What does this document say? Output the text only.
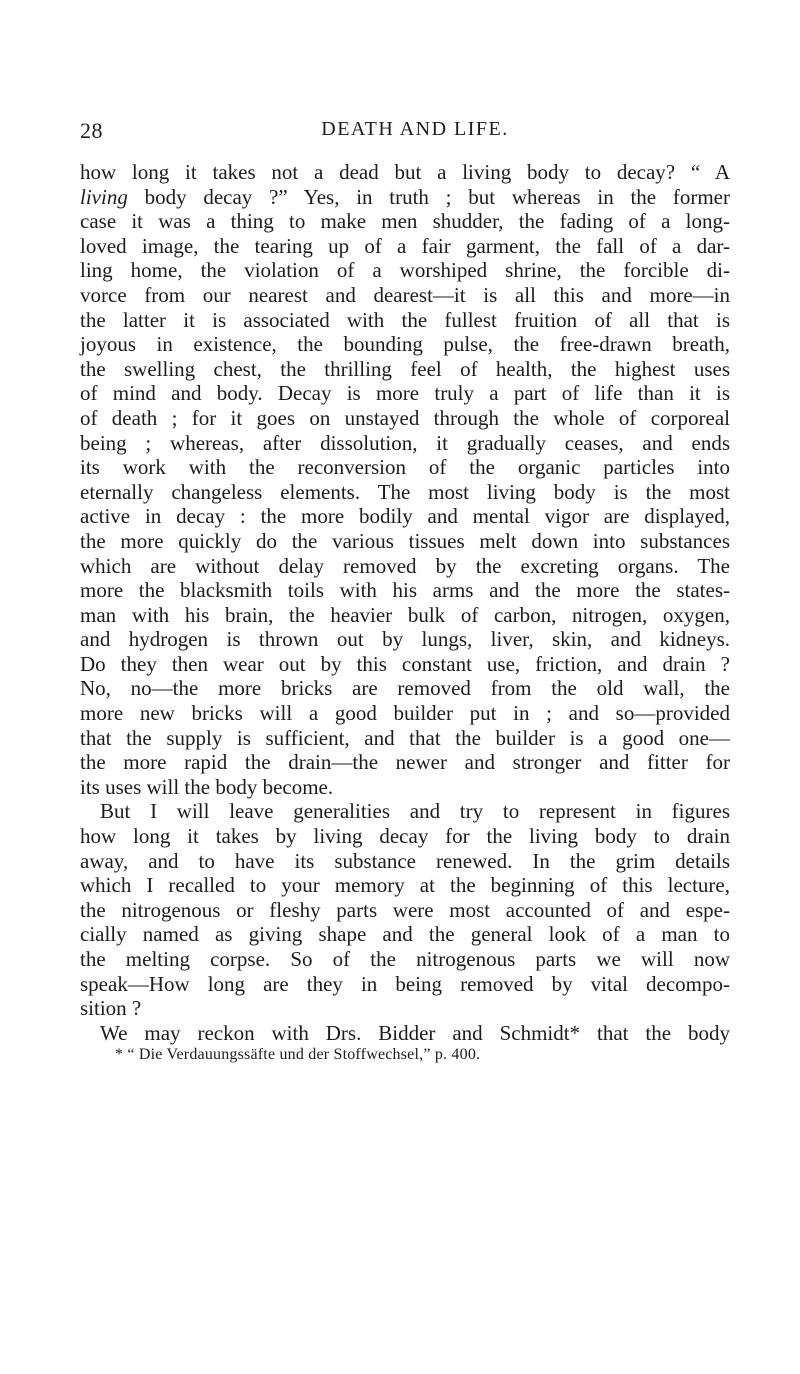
28	DEATH AND LIFE.
how long it takes not a dead but a living body to decay? “ A
living body decay ?” Yes, in truth ; but whereas in the former
case it was a thing to make men shudder, the fading of a long-
loved image, the tearing up of a fair garment, the fall of a dar-
ling home, the violation of a worshiped shrine, the forcible di-
vorce from our nearest and dearest—it is all this and more—in
the latter it is associated with the fullest fruition of all that is
joyous in existence, the bounding pulse, the free-drawn breath,
the swelling chest, the thrilling feel of health, the highest uses
of mind and body. Decay is more truly a part of life than it is
of death ; for it goes on unstayed through the whole of corporeal
being ; whereas, after dissolution, it gradually ceases, and ends
its work with the reconversion of the organic particles into
eternally changeless elements. The most living body is the most
active in decay : the more bodily and mental vigor are displayed,
the more quickly do the various tissues melt down into substances
which are without delay removed by the excreting organs. The
more the blacksmith toils with his arms and the more the states-
man with his brain, the heavier bulk of carbon, nitrogen, oxygen,
and hydrogen is thrown out by lungs, liver, skin, and kidneys.
Do they then wear out by this constant use, friction, and drain ?
No, no—the more bricks are removed from the old wall, the
more new bricks will a good builder put in ; and so—provided
that the supply is sufficient, and that the builder is a good one—
the more rapid the drain—the newer and stronger and fitter for
its uses will the body become.
But I will leave generalities and try to represent in figures
how long it takes by living decay for the living body to drain
away, and to have its substance renewed. In the grim details
which I recalled to your memory at the beginning of this lecture,
the nitrogenous or fleshy parts were most accounted of and espe-
cially named as giving shape and the general look of a man to
the melting corpse. So of the nitrogenous parts we will now
speak—How long are they in being removed by vital decompo-
sition ?
We may reckon with Drs. Bidder and Schmidt* that the body
* “ Die Verdauungssäfte und der Stoffwechsel,” p. 400.
